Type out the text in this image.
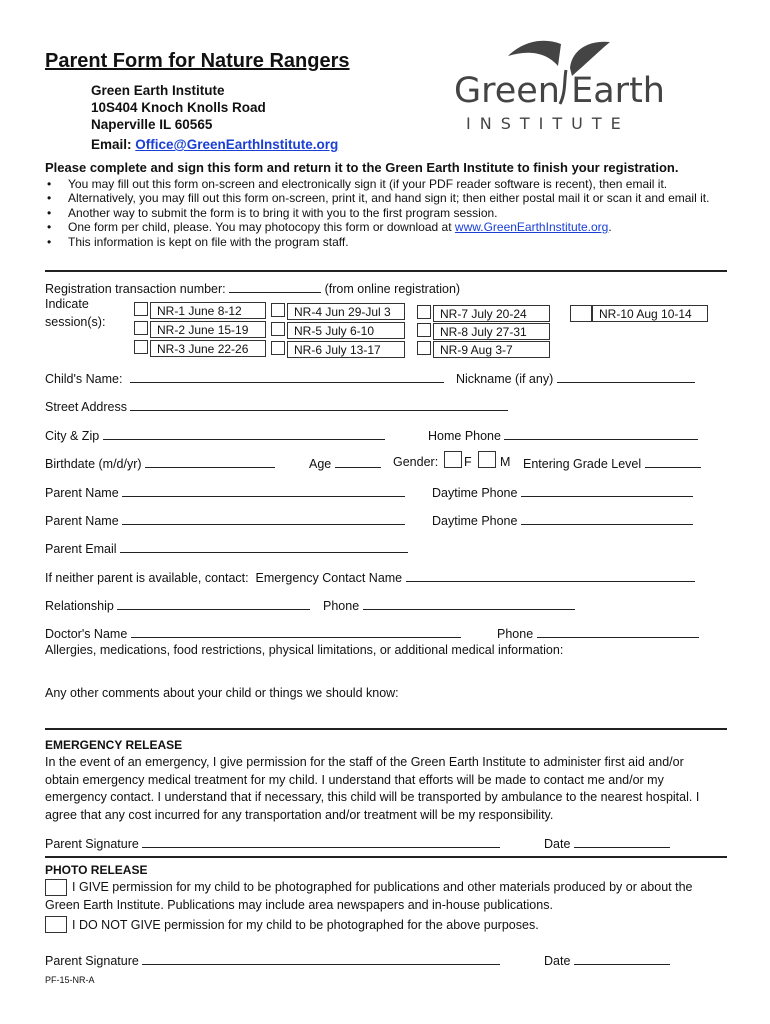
Parent Form for Nature Rangers
Green Earth Institute
10S404 Knoch Knolls Road
Naperville IL 60565
Email: Office@GreenEarthInstitute.org
Green Earth
INSTITUTE
Please complete and sign this form and return it to the Green Earth Institute to finish your registration.
• You may fill out this form on-screen and electronically sign it (if your PDF reader software is recent), then email it.
• Alternatively, you may fill out this form on-screen, print it, and hand sign it; then either postal mail it or scan it and email it.
• Another way to submit the form is to bring it with you to the first program session.
• One form per child, please. You may photocopy this form or download at www.GreenEarthInstitute.org.
• This information is kept on file with the program staff.
Registration transaction number:	(from online registration)
Indicate
session(s):
NR-1 June 8-12
NR-2 June 15-19
NR-3 June 22-26
NR-4 Jun 29-Jul 3
NR-5 July 6-10
NR-6 July 13-17
NR-7 July 20-24
NR-8 July 27-31
NR-9 Aug 3-7
NR-10 Aug 10-14
Child's Name:	Nickname (if any)
Street Address
City & Zip	Home Phone
Birthdate (m/d/yr)	Age	Gender: F M Entering Grade Level
Parent Name	Daytime Phone
Parent Name	Daytime Phone
Parent Email
If neither parent is available, contact: Emergency Contact Name
Relationship	Phone
Doctor's Name	Phone
Allergies, medications, food restrictions, physical limitations, or additional medical information:
Any other comments about your child or things we should know:
EMERGENCY RELEASE
In the event of an emergency, I give permission for the staff of the Green Earth Institute to administer first aid and/or
obtain emergency medical treatment for my child. I understand that efforts will be made to contact me and/or my
emergency contact. I understand that if necessary, this child will be transported by ambulance to the nearest hospital. I
agree that any cost incurred for any transportation and/or treatment will be my responsibility.
Parent Signature	Date
PHOTO RELEASE
I GIVE permission for my child to be photographed for publications and other materials produced by or about the
Green Earth Institute. Publications may include area newspapers and in-house publications.
I DO NOT GIVE permission for my child to be photographed for the above purposes.
Parent Signature	Date
PF-15-NR-A
